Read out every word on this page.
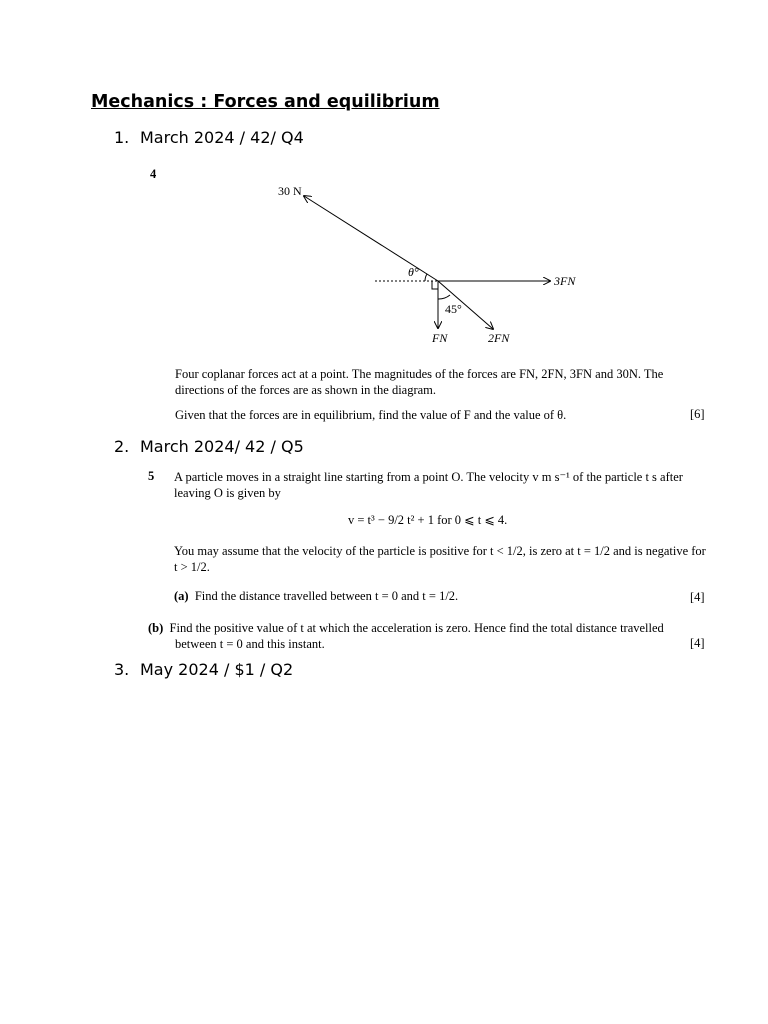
Mechanics : Forces and equilibrium
1. March 2024 / 42/ Q4
4
30 N
3FN
FN	2FN
θ°
45°

Four coplanar forces act at a point. The magnitudes of the forces are FN, 2FN, 3FN and 30N. The

directions of the forces are as shown in the diagram.

Given that the forces are in equilibrium, find the value of F and the value of θ.	[6]
2. March 2024/ 42 / Q5
5 A particle moves in a straight line starting from a point O. The velocity v m s⁻¹ of the particle t s after

leaving O is given by

v = t³ − 9/2 t² + 1 for 0 ⩽ t ⩽ 4.

You may assume that the velocity of the particle is positive for t < 1/2, is zero at t = 1/2 and is negative for

t > 1/2.

(a) Find the distance travelled between t = 0 and t = 1/2.	[4]

(b) Find the positive value of t at which the acceleration is zero. Hence find the total distance travelled

between t = 0 and this instant.	[4]
3. May 2024 / $1 / Q2
